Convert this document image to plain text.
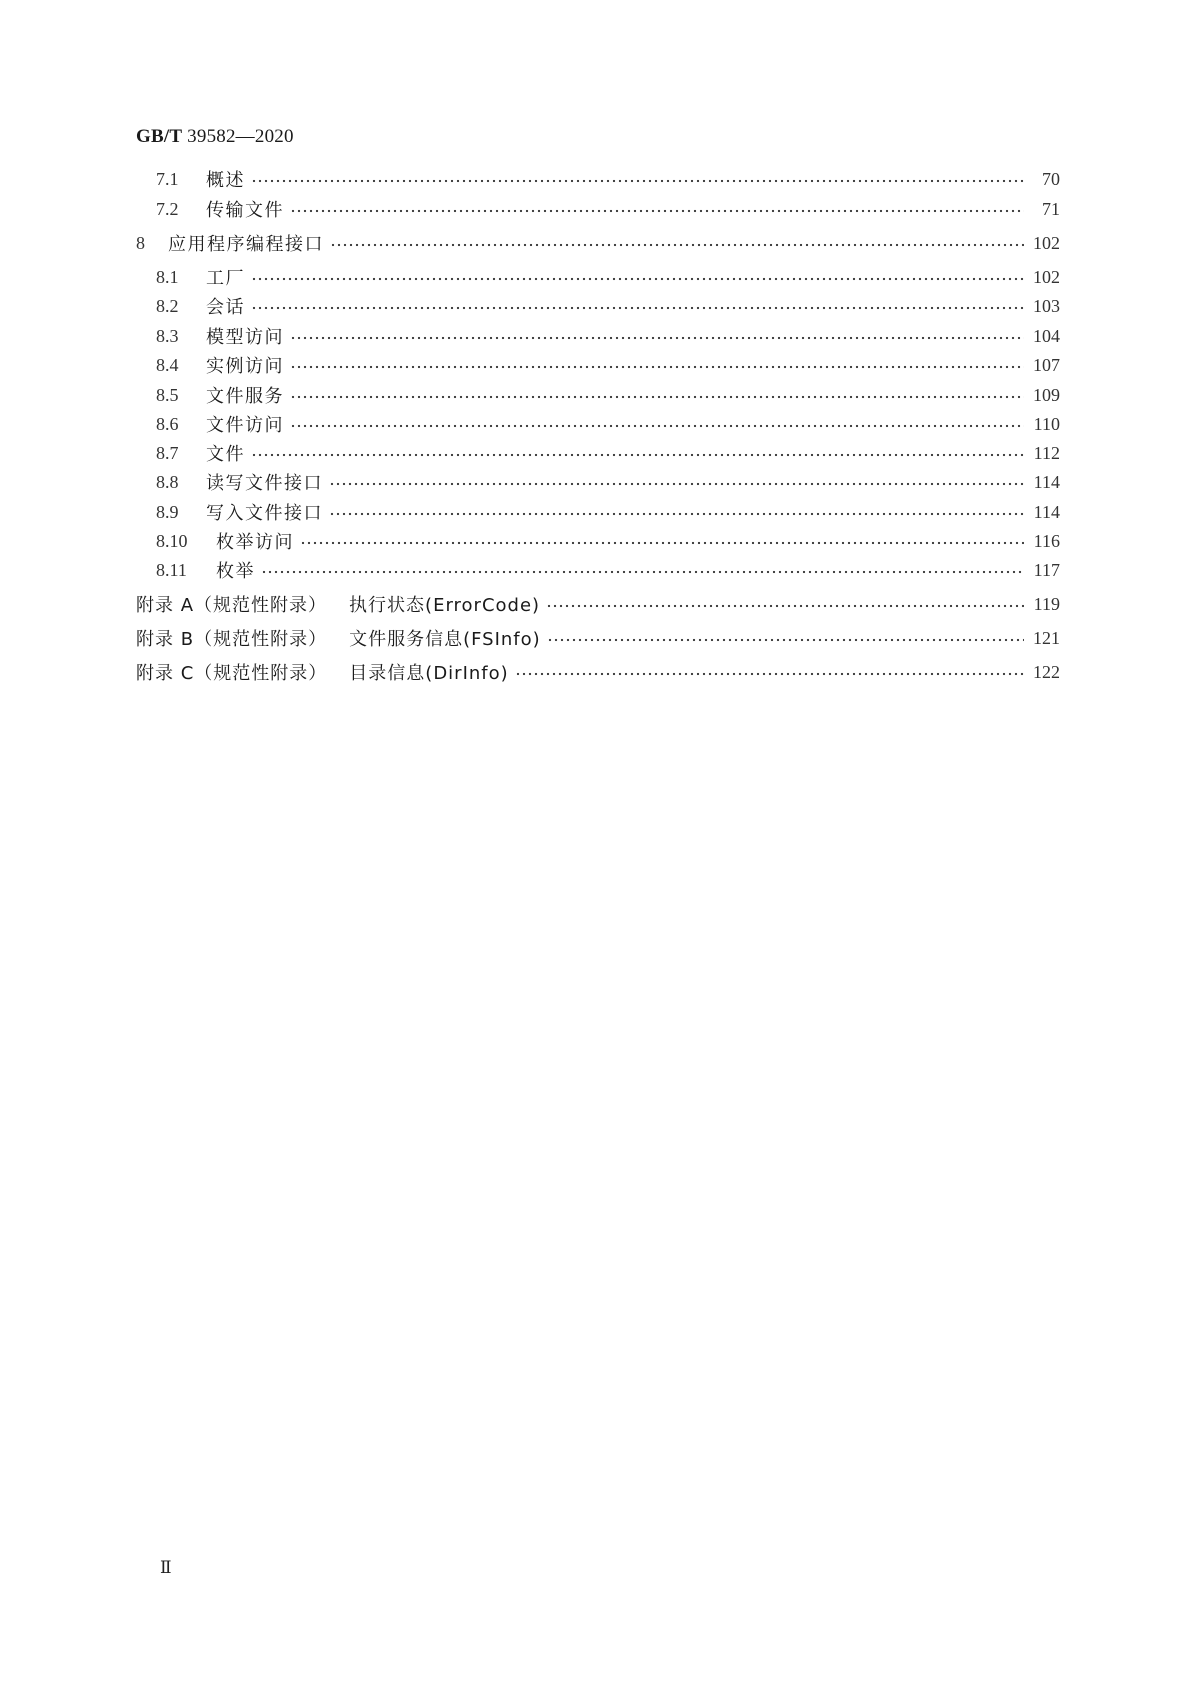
GB/T 39582—2020
7.1	概述	70
7.2	传输文件	71
8	应用程序编程接口	102
8.1	工厂	102
8.2	会话	103
8.3	模型访问	104
8.4	实例访问	107
8.5	文件服务	109
8.6	文件访问	110
8.7	文件	112
8.8	读写文件接口	114
8.9	写入文件接口	114
8.10	枚举访问	116
8.11	枚举	117
附录 A（规范性附录） 执行状态(ErrorCode)	119
附录 B（规范性附录） 文件服务信息(FSInfo)	121
附录 C（规范性附录） 目录信息(DirInfo)	122
Ⅱ
